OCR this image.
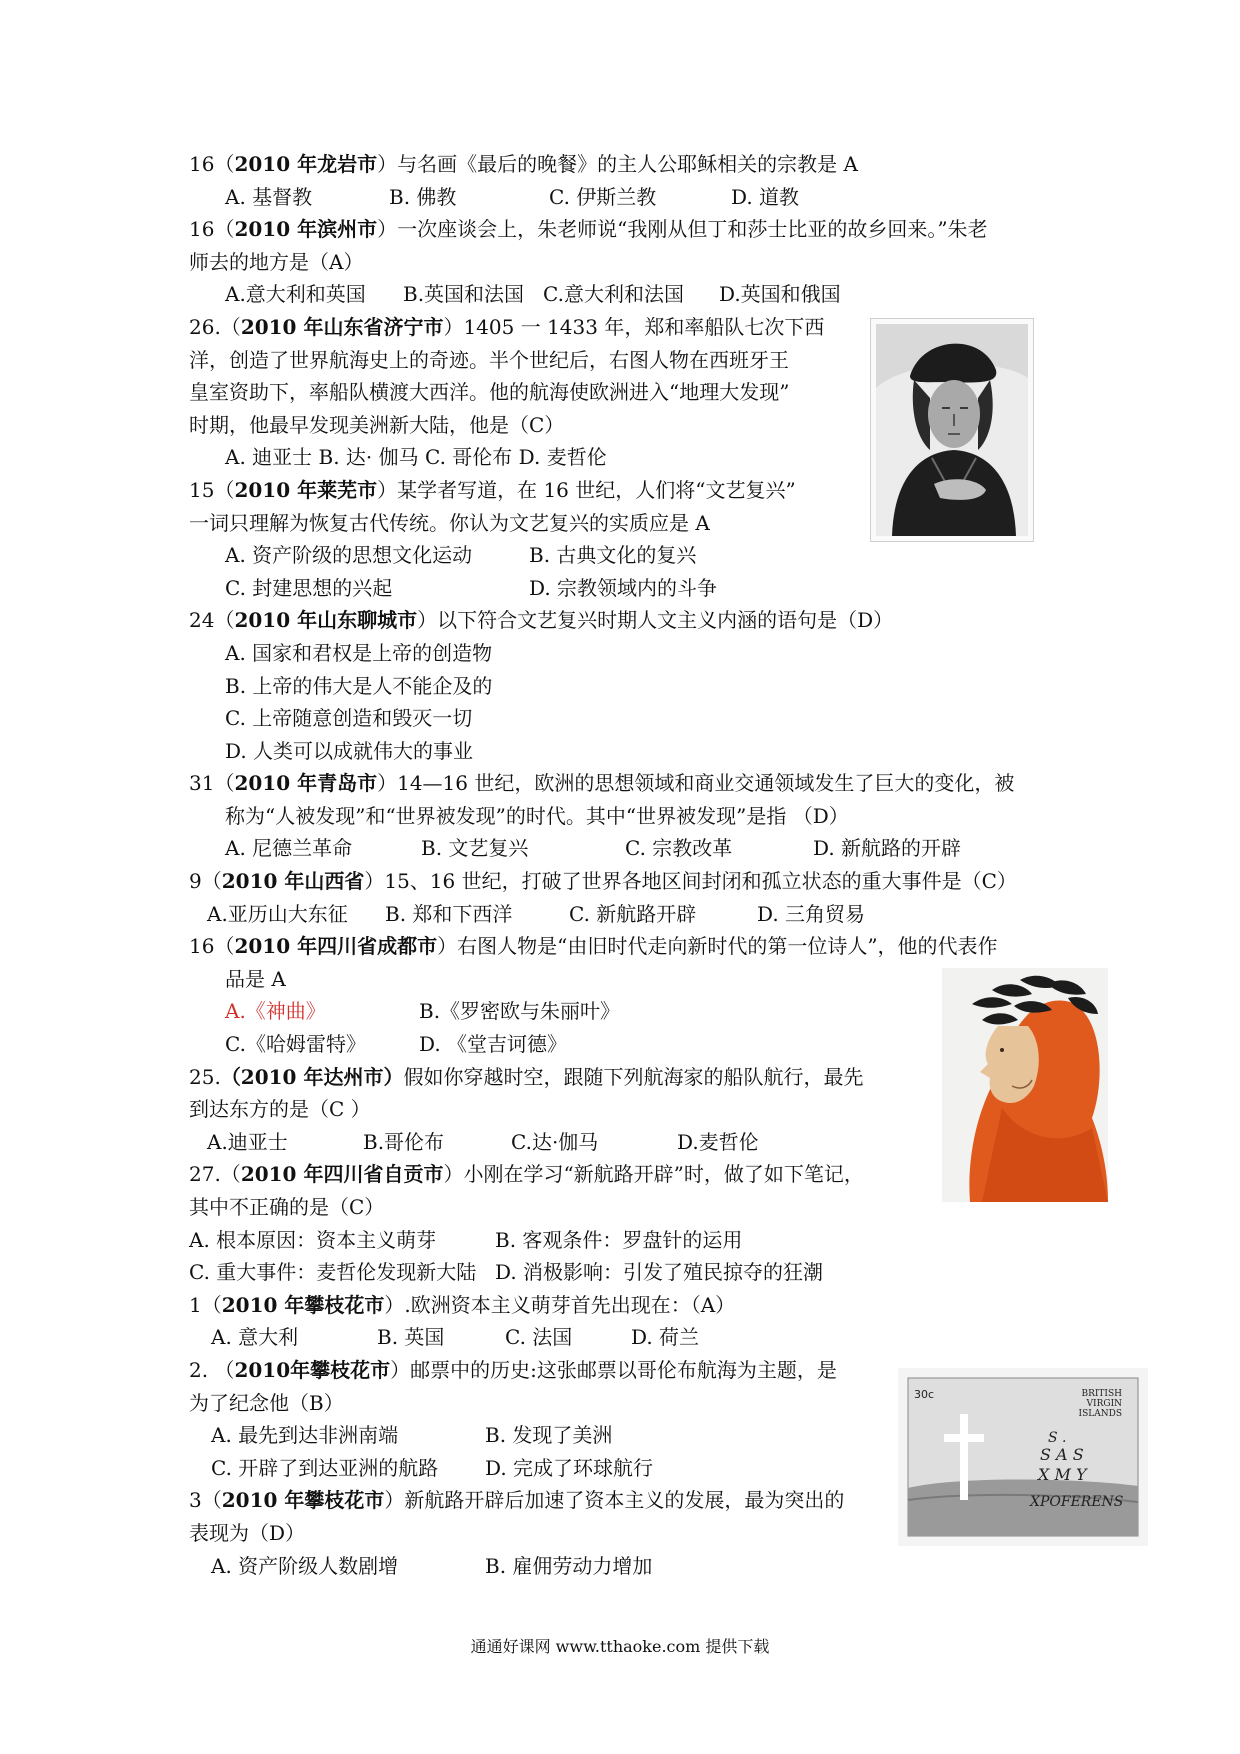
16（2010 年龙岩市）与名画《最后的晚餐》的主人公耶稣相关的宗教是 A
A. 基督教	B. 佛教	C. 伊斯兰教	D. 道教
16（2010 年滨州市）一次座谈会上，朱老师说“我刚从但丁和莎士比亚的故乡回来。”朱老
师去的地方是（A）
A.意大利和英国 B.英国和法国 C.意大利和法国 D.英国和俄国
26.（2010 年山东省济宁市）1405 一 1433 年，郑和率船队七次下西
洋，创造了世界航海史上的奇迹。半个世纪后，右图人物在西班牙王
皇室资助下，率船队横渡大西洋。他的航海使欧洲进入“地理大发现”
时期，他最早发现美洲新大陆，他是（C）
A. 迪亚士 B. 达· 伽马 C. 哥伦布 D. 麦哲伦
15（2010 年莱芜市）某学者写道，在 16 世纪，人们将“文艺复兴”
一词只理解为恢复古代传统。你认为文艺复兴的实质应是 A
A. 资产阶级的思想文化运动	B. 古典文化的复兴
C. 封建思想的兴起	D. 宗教领域内的斗争
24（2010 年山东聊城市）以下符合文艺复兴时期人文主义内涵的语句是（D）
A. 国家和君权是上帝的创造物
B. 上帝的伟大是人不能企及的
C. 上帝随意创造和毁灭一切
D. 人类可以成就伟大的事业
31（2010 年青岛市）14—16 世纪，欧洲的思想领域和商业交通领域发生了巨大的变化，被
称为“人被发现”和“世界被发现”的时代。其中“世界被发现”是指 （D）
A. 尼德兰革命	B. 文艺复兴	C. 宗教改革	D. 新航路的开辟
9（2010 年山西省）15、16 世纪，打破了世界各地区间封闭和孤立状态的重大事件是（C）
A.亚历山大东征 B. 郑和下西洋	C. 新航路开辟	D. 三角贸易
16（2010 年四川省成都市）右图人物是“由旧时代走向新时代的第一位诗人”，他的代表作
品是 A
A.《神曲》	B.《罗密欧与朱丽叶》
C.《哈姆雷特》	D. 《堂吉诃德》
25.（2010 年达州市）假如你穿越时空，跟随下列航海家的船队航行，最先
到达东方的是（C ）
A.迪亚士	B.哥伦布	C.达·伽马	D.麦哲伦
27.（2010 年四川省自贡市）小刚在学习“新航路开辟”时，做了如下笔记，
其中不正确的是（C）
A. 根本原因：资本主义萌芽	B. 客观条件：罗盘针的运用
C. 重大事件：麦哲伦发现新大陆 D. 消极影响：引发了殖民掠夺的狂潮
1（2010 年攀枝花市）.欧洲资本主义萌芽首先出现在：（A）
A. 意大利	B. 英国	C. 法国	D. 荷兰
2. （2010年攀枝花市）邮票中的历史:这张邮票以哥伦布航海为主题，是
为了纪念他（B）
A. 最先到达非洲南端	B. 发现了美洲
C. 开辟了到达亚洲的航路 D. 完成了环球航行
3（2010 年攀枝花市）新航路开辟后加速了资本主义的发展，最为突出的
表现为（D）
A. 资产阶级人数剧增	B. 雇佣劳动力增加
30c	BRITISH VIRGIN ISLANDS
S .
S A S
X M Y
XPOFERENS
通通好课网 www.tthaoke.com 提供下载
